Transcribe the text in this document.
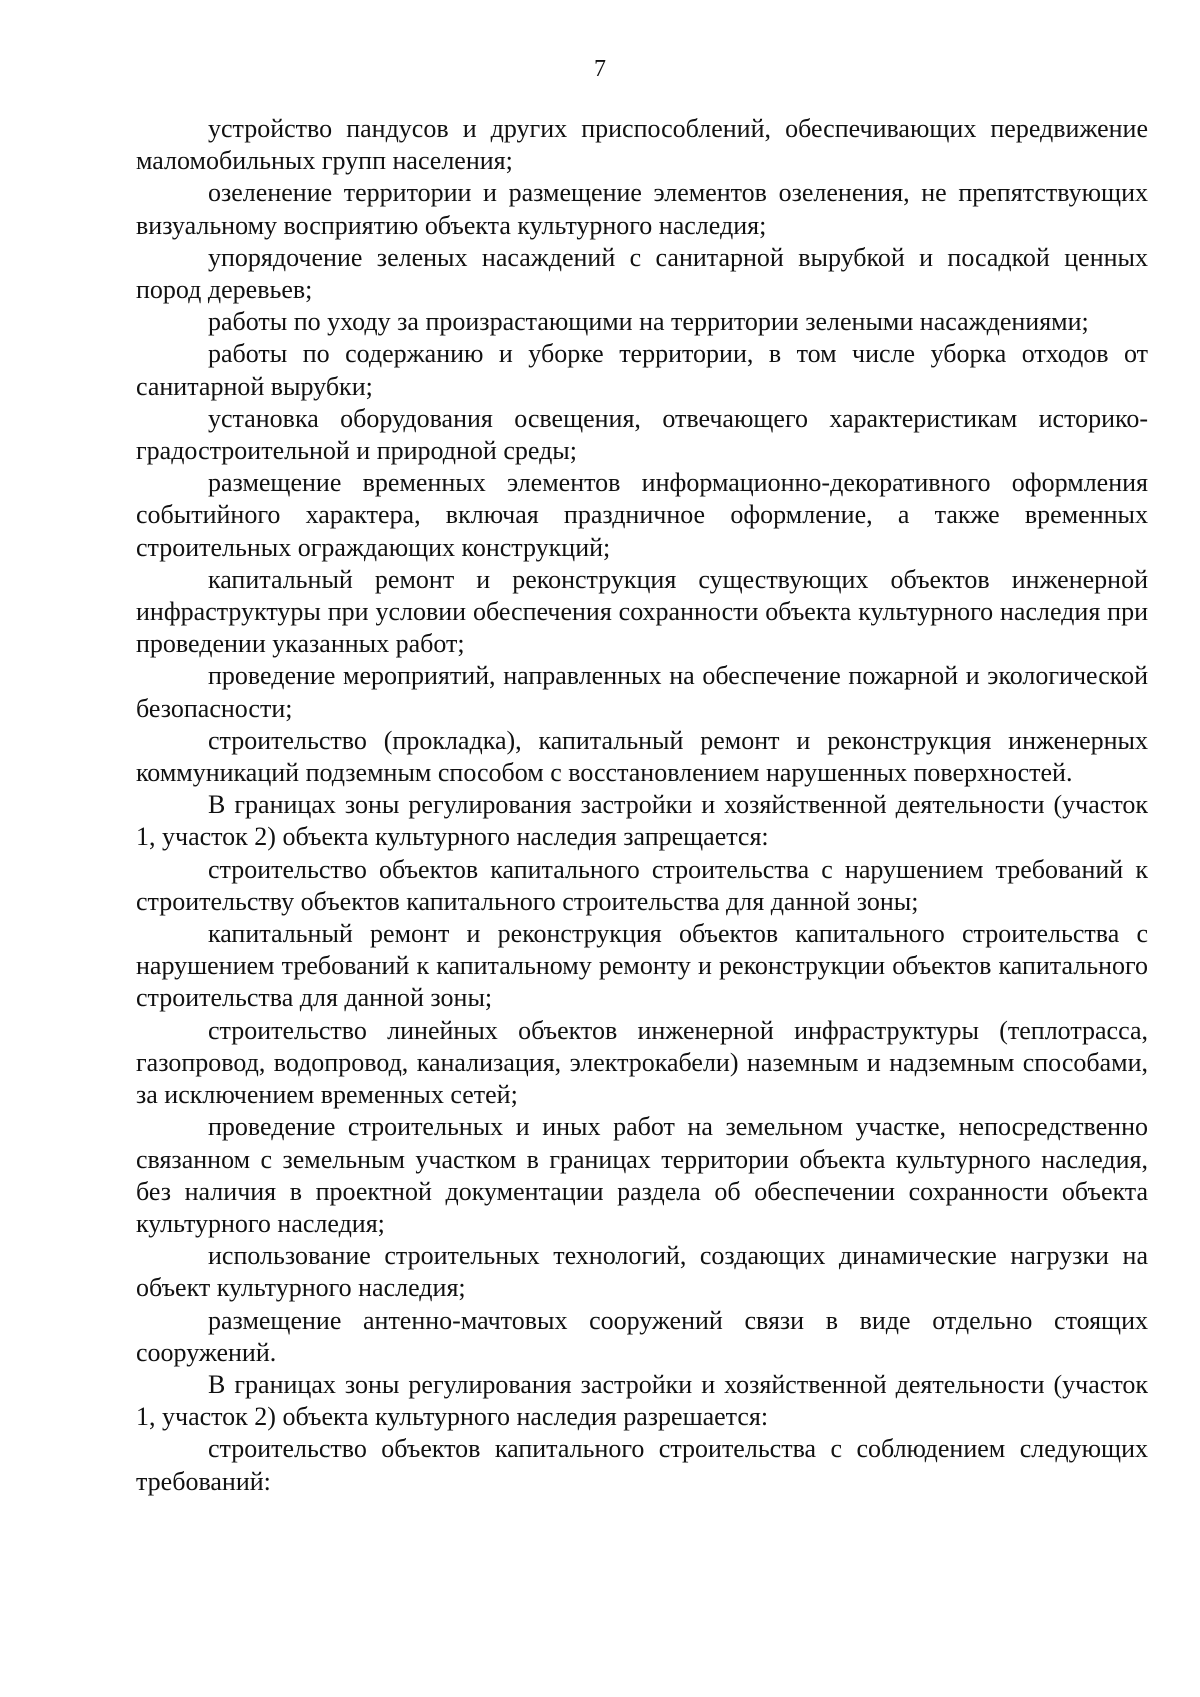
7

устройство пандусов и других приспособлений, обеспечивающих передвижение маломобильных групп населения;

озеленение территории и размещение элементов озеленения, не препятствующих визуальному восприятию объекта культурного наследия;

упорядочение зеленых насаждений с санитарной вырубкой и посадкой ценных пород деревьев;

работы по уходу за произрастающими на территории зелеными насаждениями;

работы по содержанию и уборке территории, в том числе уборка отходов от санитарной вырубки;

установка оборудования освещения, отвечающего характеристикам историко-градостроительной и природной среды;

размещение временных элементов информационно-декоративного оформления событийного характера, включая праздничное оформление, а также временных строительных ограждающих конструкций;

капитальный ремонт и реконструкция существующих объектов инженерной инфраструктуры при условии обеспечения сохранности объекта культурного наследия при проведении указанных работ;

проведение мероприятий, направленных на обеспечение пожарной и экологической безопасности;

строительство (прокладка), капитальный ремонт и реконструкция инженерных коммуникаций подземным способом с восстановлением нарушенных поверхностей.

В границах зоны регулирования застройки и хозяйственной деятельности (участок 1, участок 2) объекта культурного наследия запрещается:

строительство объектов капитального строительства с нарушением требований к строительству объектов капитального строительства для данной зоны;

капитальный ремонт и реконструкция объектов капитального строительства с нарушением требований к капитальному ремонту и реконструкции объектов капитального строительства для данной зоны;

строительство линейных объектов инженерной инфраструктуры (теплотрасса, газопровод, водопровод, канализация, электрокабели) наземным и надземным способами, за исключением временных сетей;

проведение строительных и иных работ на земельном участке, непосредственно связанном с земельным участком в границах территории объекта культурного наследия, без наличия в проектной документации раздела об обеспечении сохранности объекта культурного наследия;

использование строительных технологий, создающих динамические нагрузки на объект культурного наследия;

размещение антенно-мачтовых сооружений связи в виде отдельно стоящих сооружений.

В границах зоны регулирования застройки и хозяйственной деятельности (участок 1, участок 2) объекта культурного наследия разрешается:

строительство объектов капитального строительства с соблюдением следующих требований:
